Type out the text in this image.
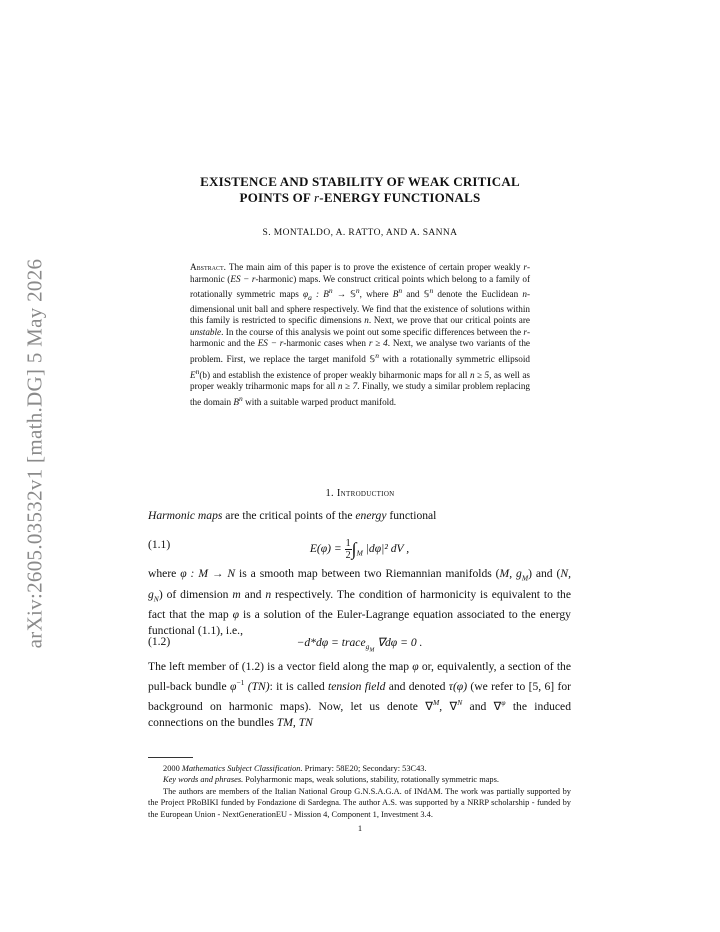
arXiv:2605.03532v1 [math.DG] 5 May 2026
EXISTENCE AND STABILITY OF WEAK CRITICAL
POINTS OF r-ENERGY FUNCTIONALS
S. MONTALDO, A. RATTO, AND A. SANNA
Abstract. The main aim of this paper is to prove the existence of certain proper weakly r-harmonic (ES − r-harmonic) maps. We construct critical points which belong to a family of rotationally symmetric maps $\varphi_a$ : $B^n$ → 𝕊$^n$, where $B^n$ and 𝕊$^n$ denote the Euclidean n-dimensional unit ball and sphere respectively. We find that the existence of solutions within this family is restricted to specific dimensions n. Next, we prove that our critical points are unstable. In the course of this analysis we point out some specific differences between the r-harmonic and the ES − r-harmonic cases when r ≥ 4. Next, we analyse two variants of the problem. First, we replace the target manifold 𝕊$^n$ with a rotationally symmetric ellipsoid $E^n(b)$ and establish the existence of proper weakly biharmonic maps for all n ≥ 5, as well as proper weakly triharmonic maps for all n ≥ 7. Finally, we study a similar problem replacing the domain $B^n$ with a suitable warped product manifold.
1. Introduction
Harmonic maps are the critical points of the energy functional
(1.1)	$E(\varphi) = \frac{1}{2} \int_M$ |dφ|² dV ,
where φ : M → N is a smooth map between two Riemannian manifolds (M, $g_M$) and (N, $g_N$) of dimension m and n respectively. The condition of harmonicity is equivalent to the fact that the map φ is a solution of the Euler-Lagrange equation associated to the energy functional (1.1), i.e.,
(1.2)	−d*dφ = trace$_{g_M}$ ∇dφ = 0 .
The left member of (1.2) is a vector field along the map φ or, equivalently, a section of the pull-back bundle $\varphi^{-1}$ (TN): it is called tension field and denoted τ(φ) (we refer to [5, 6] for background on harmonic maps). Now, let us denote ∇$^M$, ∇$^N$ and ∇$^\varphi$ the induced connections on the bundles TM, TN

2000 Mathematics Subject Classification. Primary: 58E20; Secondary: 53C43.

Key words and phrases. Polyharmonic maps, weak solutions, stability, rotationally symmetric maps.

The authors are members of the Italian National Group G.N.S.A.G.A. of INdAM. The work was partially supported by the Project PRoBIKI funded by Fondazione di Sardegna. The author A.S. was supported by a NRRP scholarship - funded by the European Union - NextGenerationEU - Mission 4, Component 1, Investment 3.4.

1
